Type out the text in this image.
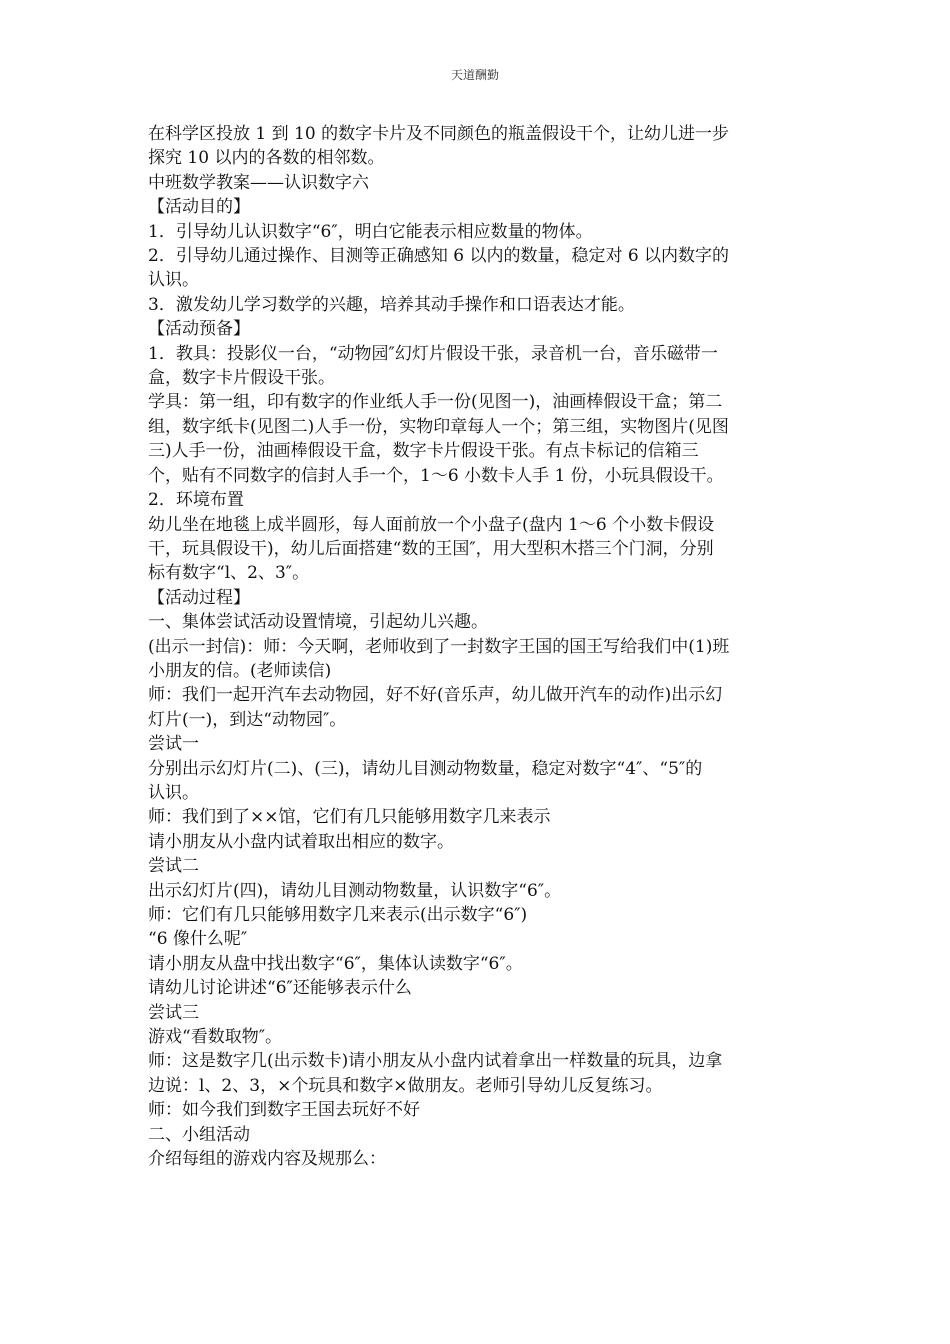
天道酬勤

在科学区投放 1 到 10 的数字卡片及不同颜色的瓶盖假设干个，让幼儿进一步

探究 10 以内的各数的相邻数。

中班数学教案——认识数字六

【活动目的】

1．引导幼儿认识数字“6″，明白它能表示相应数量的物体。

2．引导幼儿通过操作、目测等正确感知 6 以内的数量，稳定对 6 以内数字的

认识。

3．激发幼儿学习数学的兴趣，培养其动手操作和口语表达才能。

【活动预备】

1．教具：投影仪一台，“动物园″幻灯片假设干张，录音机一台，音乐磁带一

盒，数字卡片假设干张。

学具：第一组，印有数字的作业纸人手一份(见图一)，油画棒假设干盒；第二

组，数字纸卡(见图二)人手一份，实物印章每人一个；第三组，实物图片(见图

三)人手一份，油画棒假设干盒，数字卡片假设干张。有点卡标记的信箱三

个，贴有不同数字的信封人手一个，1～6 小数卡人手 1 份，小玩具假设干。

2．环境布置

幼儿坐在地毯上成半圆形，每人面前放一个小盘子(盘内 1～6 个小数卡假设

干，玩具假设干)，幼儿后面搭建“数的王国″，用大型积木搭三个门洞，分别

标有数字“l、2、3″。

【活动过程】

一、集体尝试活动设置情境，引起幼儿兴趣。

(出示一封信)：师：今天啊，老师收到了一封数字王国的国王写给我们中(1)班

小朋友的信。(老师读信)

师：我们一起开汽车去动物园，好不好(音乐声，幼儿做开汽车的动作)出示幻

灯片(一)，到达“动物园″。

尝试一

分别出示幻灯片(二)、(三)，请幼儿目测动物数量，稳定对数字“4″、“5″的

认识。

师：我们到了××馆，它们有几只能够用数字几来表示

请小朋友从小盘内试着取出相应的数字。

尝试二

出示幻灯片(四)，请幼儿目测动物数量，认识数字“6″。

师：它们有几只能够用数字几来表示(出示数字“6″)

“6 像什么呢″

请小朋友从盘中找出数字“6″，集体认读数字“6″。

请幼儿讨论讲述“6″还能够表示什么

尝试三

游戏“看数取物″。

师：这是数字几(出示数卡)请小朋友从小盘内试着拿出一样数量的玩具，边拿

边说：l、2、3，×个玩具和数字×做朋友。老师引导幼儿反复练习。

师：如今我们到数字王国去玩好不好

二、小组活动

介绍每组的游戏内容及规那么：
